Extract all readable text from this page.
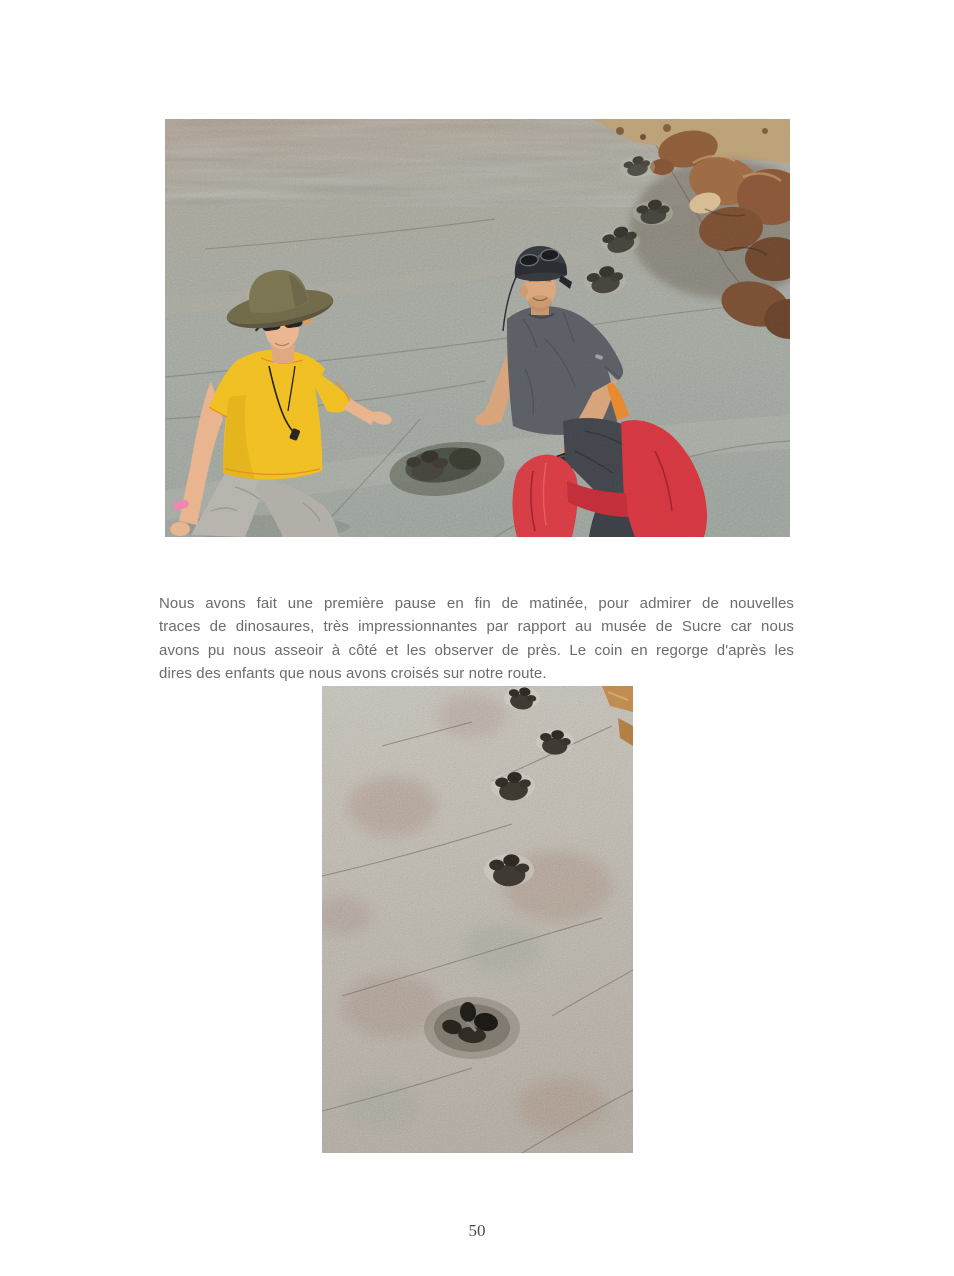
Nous avons fait une première pause en fin de matinée, pour admirer de nouvelles
traces de dinosaures, très impressionnantes par rapport au musée de Sucre car nous
avons pu nous asseoir à côté et les observer de près. Le coin en regorge d'après les
dires des enfants que nous avons croisés sur notre route.

50
